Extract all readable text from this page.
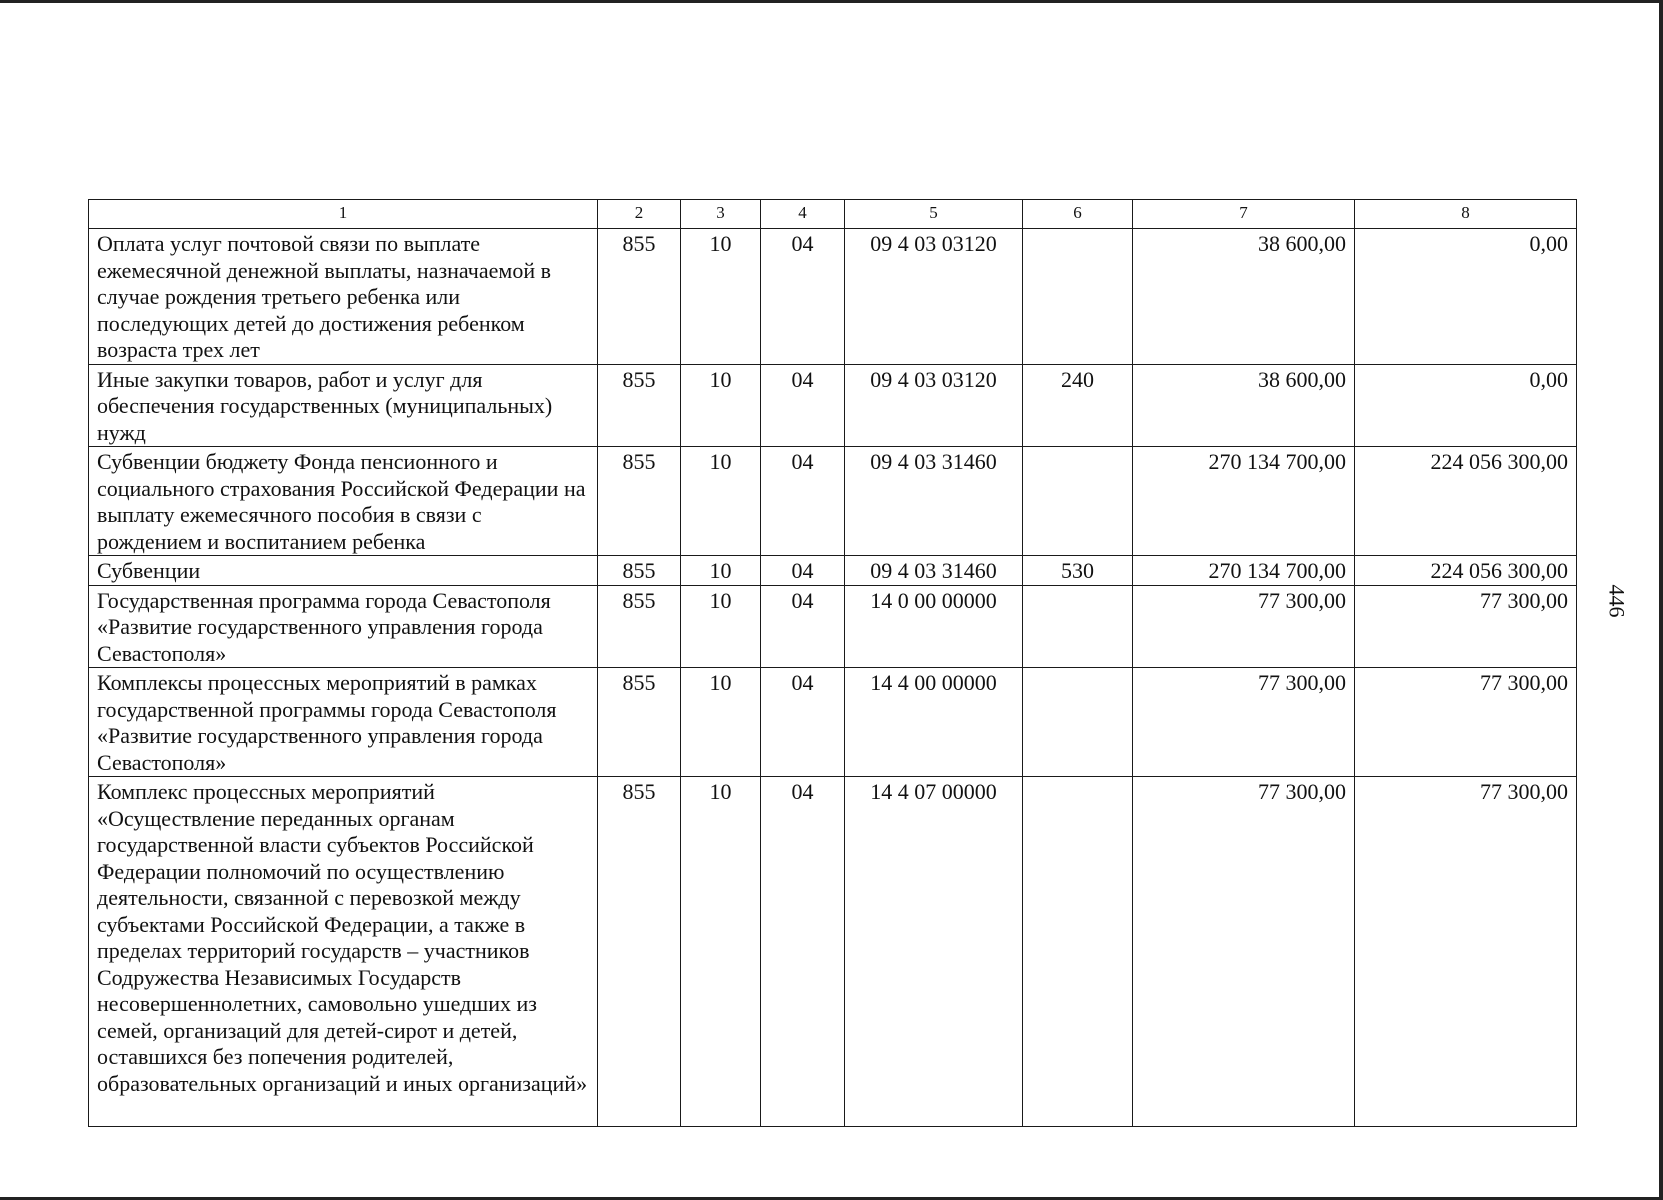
446
1	2	3	4	5	6	7	8
Оплата услуг почтовой связи по выплате ежемесячной денежной выплаты, назначаемой в случае рождения третьего ребенка или последующих детей до достижения ребенком возраста трех лет	855	10	04	09 4 03 03120		38 600,00	0,00
Иные закупки товаров, работ и услуг для обеспечения государственных (муниципальных) нужд	855	10	04	09 4 03 03120	240	38 600,00	0,00
Субвенции бюджету Фонда пенсионного и социального страхования Российской Федерации на выплату ежемесячного пособия в связи с рождением и воспитанием ребенка	855	10	04	09 4 03 31460		270 134 700,00	224 056 300,00
Субвенции	855	10	04	09 4 03 31460	530	270 134 700,00	224 056 300,00
Государственная программа города Севастополя «Развитие государственного управления города Севастополя»	855	10	04	14 0 00 00000		77 300,00	77 300,00
Комплексы процессных мероприятий в рамках государственной программы города Севастополя «Развитие государственного управления города Севастополя»	855	10	04	14 4 00 00000		77 300,00	77 300,00
Комплекс процессных мероприятий «Осуществление переданных органам государственной власти субъектов Российской Федерации полномочий по осуществлению деятельности, связанной с перевозкой между субъектами Российской Федерации, а также в пределах территорий государств – участников Содружества Независимых Государств несовершеннолетних, самовольно ушедших из семей, организаций для детей-сирот и детей, оставшихся без попечения родителей, образовательных организаций и иных организаций»	855	10	04	14 4 07 00000		77 300,00	77 300,00
